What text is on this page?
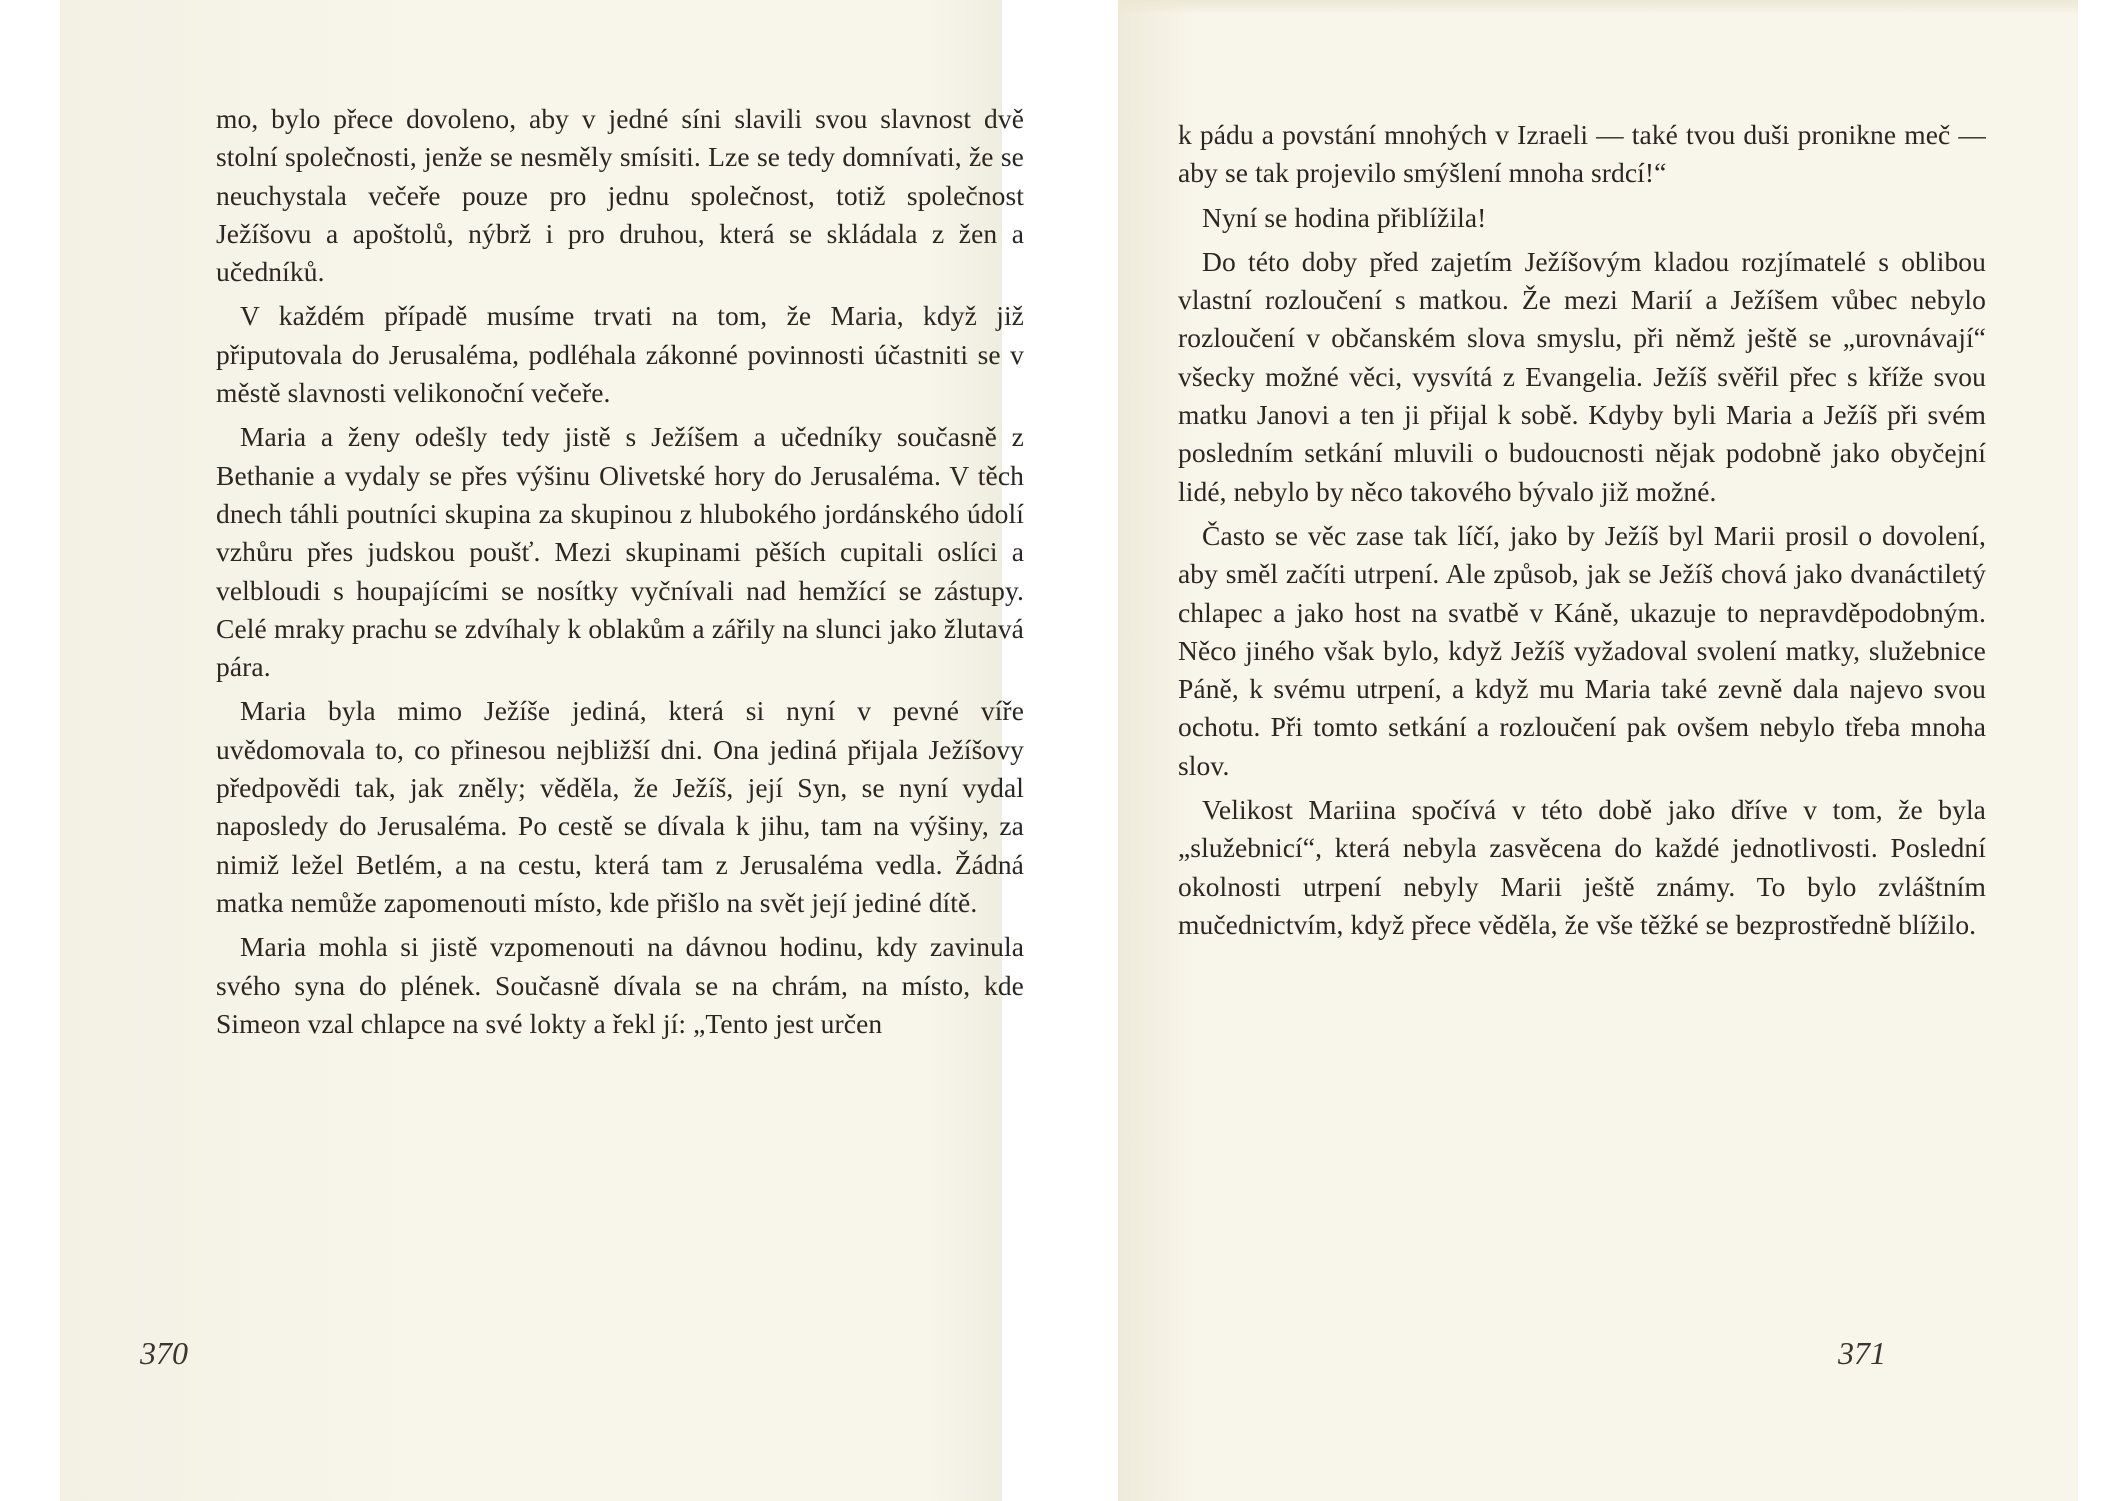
mo, bylo přece dovoleno, aby v jedné síni slavili svou slavnost dvě stolní společnosti, jenže se nesměly smísiti. Lze se tedy domnívati, že se neuchystala večeře pouze pro jednu společnost, totiž společnost Ježíšovu a apoštolů, nýbrž i pro druhou, která se skládala z žen a učedníků.

V každém případě musíme trvati na tom, že Maria, když již připutovala do Jerusaléma, podléhala zákonné povinnosti účastniti se v městě slavnosti velikonoční večeře.

Maria a ženy odešly tedy jistě s Ježíšem a učedníky současně z Bethanie a vydaly se přes výšinu Olivetské hory do Jerusaléma. V těch dnech táhli poutníci skupina za skupinou z hlubokého jordánského údolí vzhůru přes judskou poušť. Mezi skupinami pěších cupitali oslíci a velbloudi s houpajícími se nosítky vyčnívali nad hemžící se zástupy. Celé mraky prachu se zdvíhaly k oblakům a zářily na slunci jako žlutavá pára.

Maria byla mimo Ježíše jediná, která si nyní v pevné víře uvědomovala to, co přinesou nejbližší dni. Ona jediná přijala Ježíšovy předpovědi tak, jak zněly; věděla, že Ježíš, její Syn, se nyní vydal naposledy do Jerusaléma. Po cestě se dívala k jihu, tam na výšiny, za nimiž ležel Betlém, a na cestu, která tam z Jerusaléma vedla. Žádná matka nemůže zapomenouti místo, kde přišlo na svět její jediné dítě.

Maria mohla si jistě vzpomenouti na dávnou hodinu, kdy zavinula svého syna do plének. Současně dívala se na chrám, na místo, kde Simeon vzal chlapce na své lokty a řekl jí: „Tento jest určen

370

k pádu a povstání mnohých v Izraeli — také tvou duši pronikne meč — aby se tak projevilo smýšlení mnoha srdcí!“

Nyní se hodina přiblížila!

Do této doby před zajetím Ježíšovým kladou rozjímatelé s oblibou vlastní rozloučení s matkou. Že mezi Marií a Ježíšem vůbec nebylo rozloučení v občanském slova smyslu, při němž ještě se „urovnávají“ všecky možné věci, vysvítá z Evangelia. Ježíš svěřil přec s kříže svou matku Janovi a ten ji přijal k sobě. Kdyby byli Maria a Ježíš při svém posledním setkání mluvili o budoucnosti nějak podobně jako obyčejní lidé, nebylo by něco takového bývalo již možné.

Často se věc zase tak líčí, jako by Ježíš byl Marii prosil o dovolení, aby směl začíti utrpení. Ale způsob, jak se Ježíš chová jako dvanáctiletý chlapec a jako host na svatbě v Káně, ukazuje to nepravděpodobným. Něco jiného však bylo, když Ježíš vyžadoval svolení matky, služebnice Páně, k svému utrpení, a když mu Maria také zevně dala najevo svou ochotu. Při tomto setkání a rozloučení pak ovšem nebylo třeba mnoha slov.

Velikost Mariina spočívá v této době jako dříve v tom, že byla „služebnicí“, která nebyla zasvěcena do každé jednotlivosti. Poslední okolnosti utrpení nebyly Marii ještě známy. To bylo zvláštním mučednictvím, když přece věděla, že vše těžké se bezprostředně blížilo.

371
